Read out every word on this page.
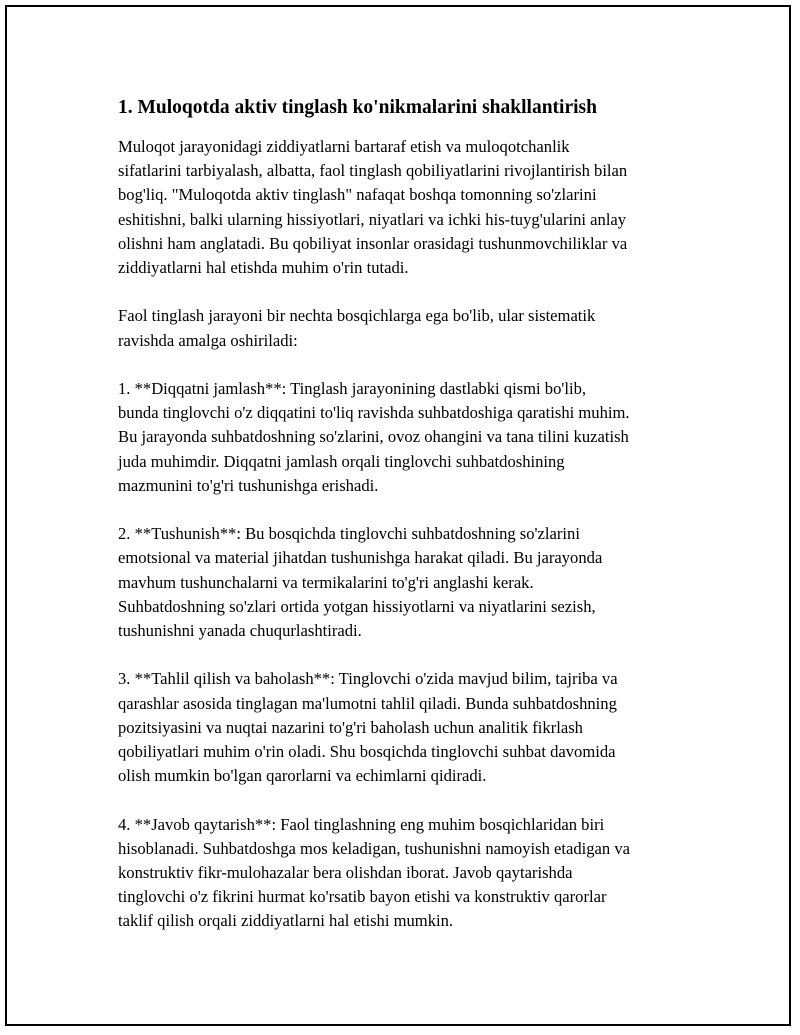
1. Muloqotda aktiv tinglash ko'nikmalarini shakllantirish

Muloqot jarayonidagi ziddiyatlarni bartaraf etish va muloqotchanlik
sifatlarini tarbiyalash, albatta, faol tinglash qobiliyatlarini rivojlantirish bilan
bog'liq. "Muloqotda aktiv tinglash" nafaqat boshqa tomonning so'zlarini
eshitishni, balki ularning hissiyotlari, niyatlari va ichki his-tuyg'ularini anlay
olishni ham anglatadi. Bu qobiliyat insonlar orasidagi tushunmovchiliklar va
ziddiyatlarni hal etishda muhim o'rin tutadi.

Faol tinglash jarayoni bir nechta bosqichlarga ega bo'lib, ular sistematik
ravishda amalga oshiriladi:

1. **Diqqatni jamlash**: Tinglash jarayonining dastlabki qismi bo'lib,
bunda tinglovchi o'z diqqatini to'liq ravishda suhbatdoshiga qaratishi muhim.
Bu jarayonda suhbatdoshning so'zlarini, ovoz ohangini va tana tilini kuzatish
juda muhimdir. Diqqatni jamlash orqali tinglovchi suhbatdoshining
mazmunini to'g'ri tushunishga erishadi.

2. **Tushunish**: Bu bosqichda tinglovchi suhbatdoshning so'zlarini
emotsional va material jihatdan tushunishga harakat qiladi. Bu jarayonda
mavhum tushunchalarni va termikalarini to'g'ri anglashi kerak.
Suhbatdoshning so'zlari ortida yotgan hissiyotlarni va niyatlarini sezish,
tushunishni yanada chuqurlashtiradi.

3. **Tahlil qilish va baholash**: Tinglovchi o'zida mavjud bilim, tajriba va
qarashlar asosida tinglagan ma'lumotni tahlil qiladi. Bunda suhbatdoshning
pozitsiyasini va nuqtai nazarini to'g'ri baholash uchun analitik fikrlash
qobiliyatlari muhim o'rin oladi. Shu bosqichda tinglovchi suhbat davomida
olish mumkin bo'lgan qarorlarni va echimlarni qidiradi.

4. **Javob qaytarish**: Faol tinglashning eng muhim bosqichlaridan biri
hisoblanadi. Suhbatdoshga mos keladigan, tushunishni namoyish etadigan va
konstruktiv fikr-mulohazalar bera olishdan iborat. Javob qaytarishda
tinglovchi o'z fikrini hurmat ko'rsatib bayon etishi va konstruktiv qarorlar
taklif qilish orqali ziddiyatlarni hal etishi mumkin.
